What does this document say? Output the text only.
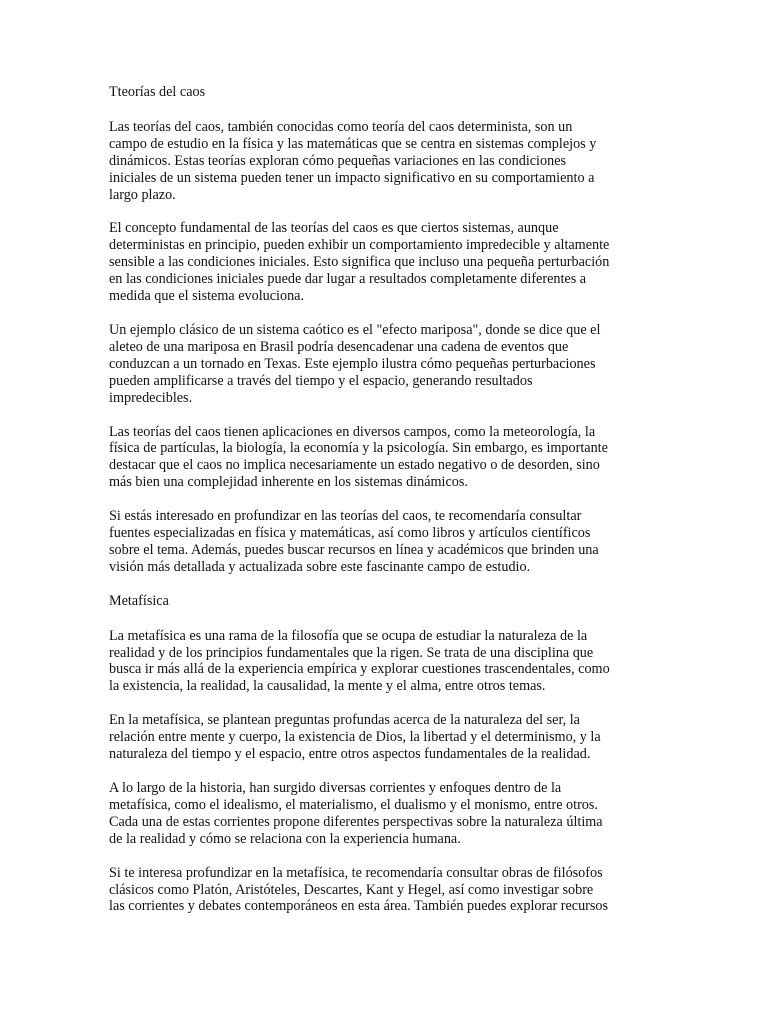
Tteorías del caos

Las teorías del caos, también conocidas como teoría del caos determinista, son un
campo de estudio en la física y las matemáticas que se centra en sistemas complejos y
dinámicos. Estas teorías exploran cómo pequeñas variaciones en las condiciones
iniciales de un sistema pueden tener un impacto significativo en su comportamiento a
largo plazo.

El concepto fundamental de las teorías del caos es que ciertos sistemas, aunque
deterministas en principio, pueden exhibir un comportamiento impredecible y altamente
sensible a las condiciones iniciales. Esto significa que incluso una pequeña perturbación
en las condiciones iniciales puede dar lugar a resultados completamente diferentes a
medida que el sistema evoluciona.

Un ejemplo clásico de un sistema caótico es el "efecto mariposa", donde se dice que el
aleteo de una mariposa en Brasil podría desencadenar una cadena de eventos que
conduzcan a un tornado en Texas. Este ejemplo ilustra cómo pequeñas perturbaciones
pueden amplificarse a través del tiempo y el espacio, generando resultados
impredecibles.

Las teorías del caos tienen aplicaciones en diversos campos, como la meteorología, la
física de partículas, la biología, la economía y la psicología. Sin embargo, es importante
destacar que el caos no implica necesariamente un estado negativo o de desorden, sino
más bien una complejidad inherente en los sistemas dinámicos.

Si estás interesado en profundizar en las teorías del caos, te recomendaría consultar
fuentes especializadas en física y matemáticas, así como libros y artículos científicos
sobre el tema. Además, puedes buscar recursos en línea y académicos que brinden una
visión más detallada y actualizada sobre este fascinante campo de estudio.

Metafísica

La metafísica es una rama de la filosofía que se ocupa de estudiar la naturaleza de la
realidad y de los principios fundamentales que la rigen. Se trata de una disciplina que
busca ir más allá de la experiencia empírica y explorar cuestiones trascendentales, como
la existencia, la realidad, la causalidad, la mente y el alma, entre otros temas.

En la metafísica, se plantean preguntas profundas acerca de la naturaleza del ser, la
relación entre mente y cuerpo, la existencia de Dios, la libertad y el determinismo, y la
naturaleza del tiempo y el espacio, entre otros aspectos fundamentales de la realidad.

A lo largo de la historia, han surgido diversas corrientes y enfoques dentro de la
metafísica, como el idealismo, el materialismo, el dualismo y el monismo, entre otros.
Cada una de estas corrientes propone diferentes perspectivas sobre la naturaleza última
de la realidad y cómo se relaciona con la experiencia humana.

Si te interesa profundizar en la metafísica, te recomendaría consultar obras de filósofos
clásicos como Platón, Aristóteles, Descartes, Kant y Hegel, así como investigar sobre
las corrientes y debates contemporáneos en esta área. También puedes explorar recursos
